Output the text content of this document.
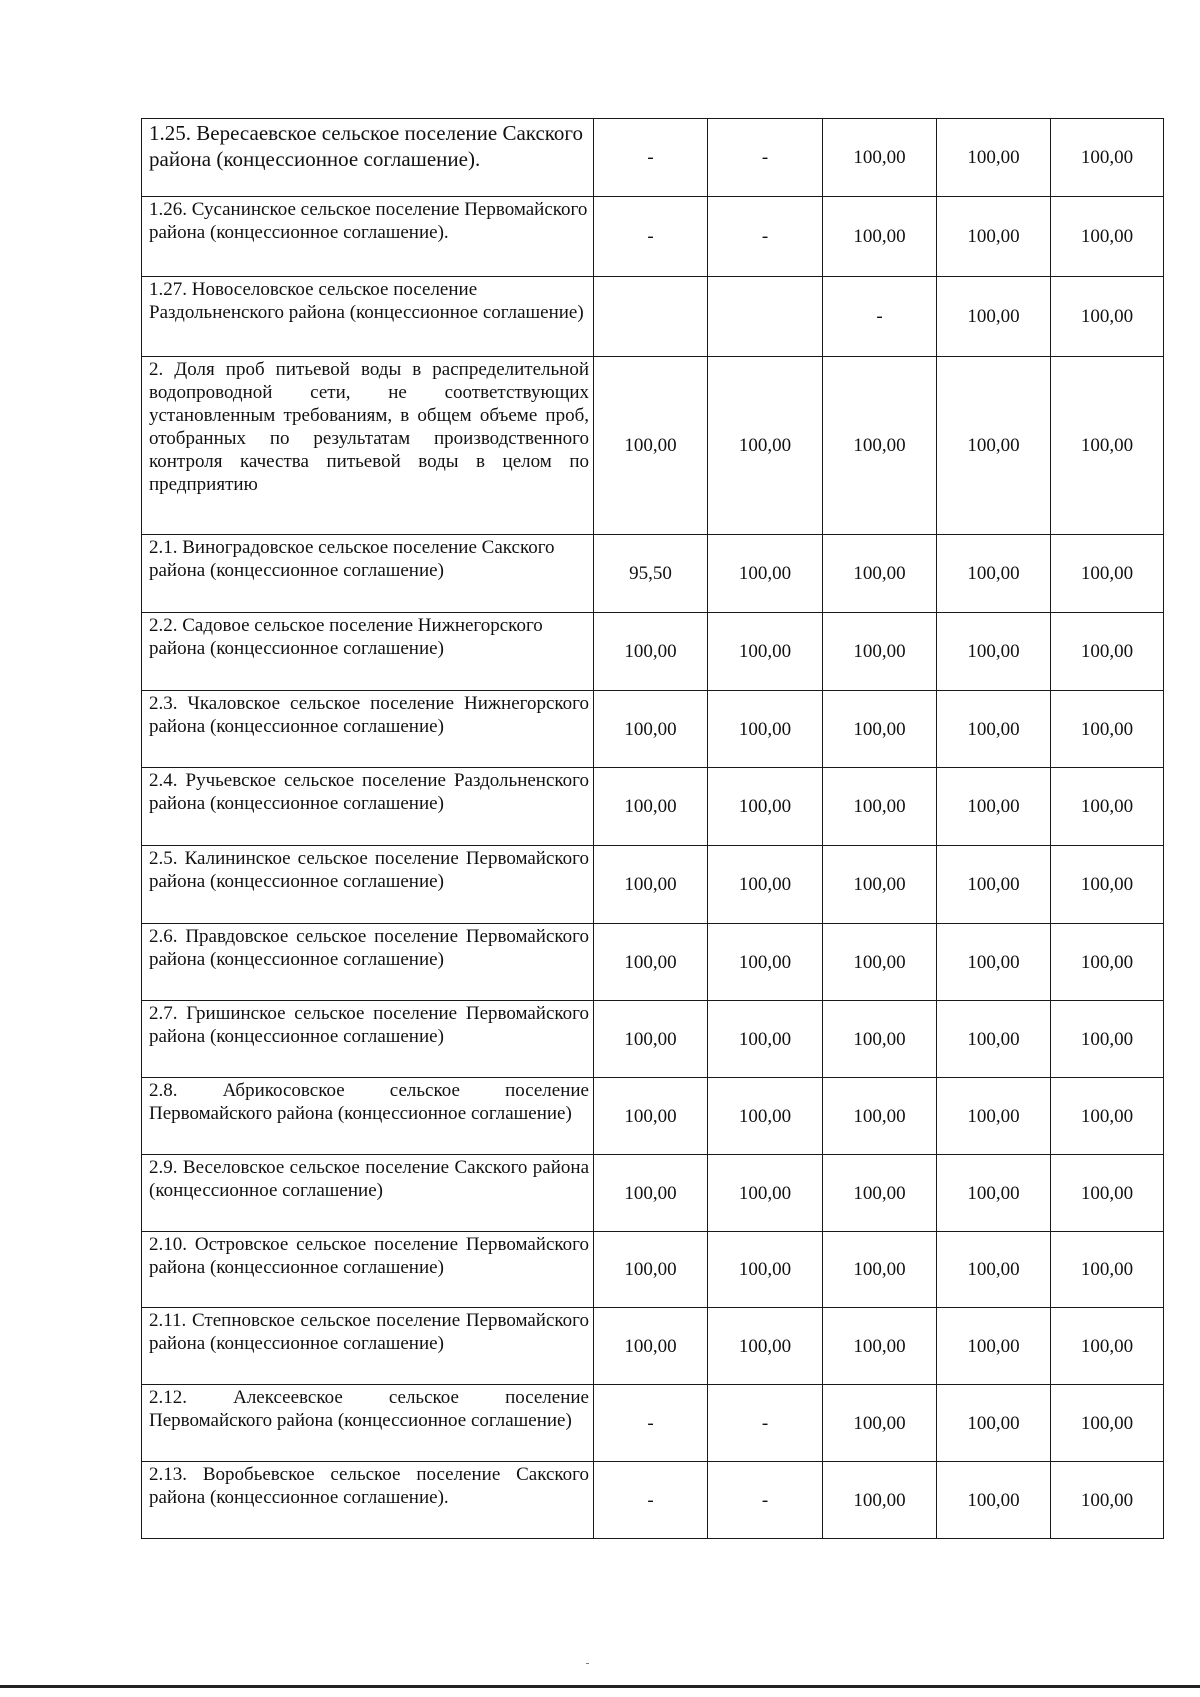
1.25. Вересаевское сельское поселение Сакского района (концессионное соглашение).	-	-	100,00	100,00	100,00
1.26. Сусанинское сельское поселение Первомайского района (концессионное соглашение).	-	-	100,00	100,00	100,00
1.27. Новоселовское сельское поселение Раздольненского района (концессионное соглашение)			-	100,00	100,00
2. Доля проб питьевой воды в распределительной водопроводной сети, не соответствующих установленным требованиям, в общем объеме проб, отобранных по результатам производственного контроля качества питьевой воды в целом по предприятию	100,00	100,00	100,00	100,00	100,00
2.1. Виноградовское сельское поселение Сакского района (концессионное соглашение)	95,50	100,00	100,00	100,00	100,00
2.2. Садовое сельское поселение Нижнегорского района (концессионное соглашение)	100,00	100,00	100,00	100,00	100,00
2.3. Чкаловское сельское поселение Нижнегорского района (концессионное соглашение)	100,00	100,00	100,00	100,00	100,00
2.4. Ручьевское сельское поселение Раздольненского района (концессионное соглашение)	100,00	100,00	100,00	100,00	100,00
2.5. Калининское сельское поселение Первомайского района (концессионное соглашение)	100,00	100,00	100,00	100,00	100,00
2.6. Правдовское сельское поселение Первомайского района (концессионное соглашение)	100,00	100,00	100,00	100,00	100,00
2.7. Гришинское сельское поселение Первомайского района (концессионное соглашение)	100,00	100,00	100,00	100,00	100,00
2.8. Абрикосовское сельское поселение Первомайского района (концессионное соглашение)	100,00	100,00	100,00	100,00	100,00
2.9. Веселовское сельское поселение Сакского района (концессионное соглашение)	100,00	100,00	100,00	100,00	100,00
2.10. Островское сельское поселение Первомайского района (концессионное соглашение)	100,00	100,00	100,00	100,00	100,00
2.11. Степновское сельское поселение Первомайского района (концессионное соглашение)	100,00	100,00	100,00	100,00	100,00
2.12. Алексеевское сельское поселение Первомайского района (концессионное соглашение)	-	-	100,00	100,00	100,00
2.13. Воробьевское сельское поселение Сакского района (концессионное соглашение).	-	-	100,00	100,00	100,00
